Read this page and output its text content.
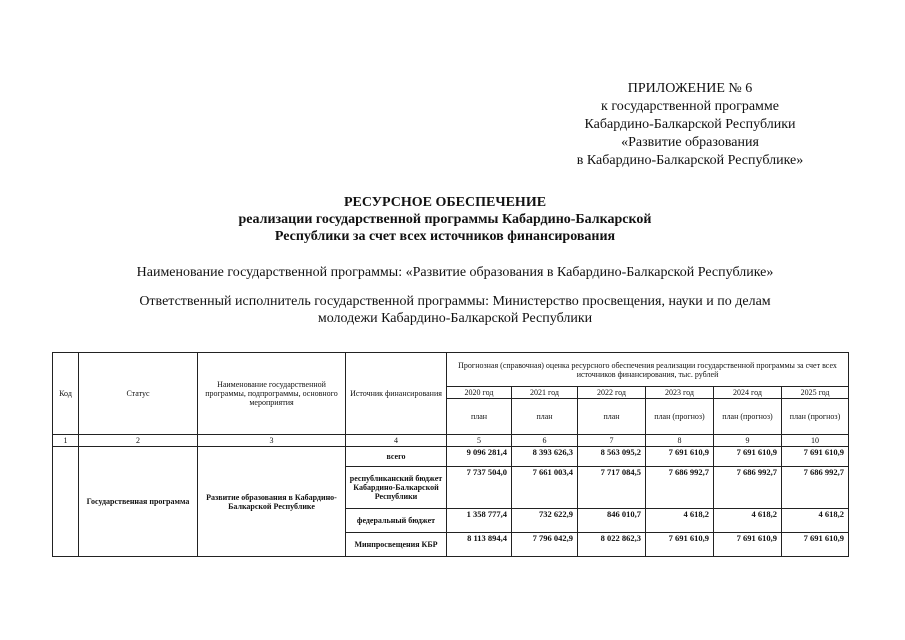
ПРИЛОЖЕНИЕ № 6
к государственной программе
Кабардино-Балкарской Республики
«Развитие образования
в Кабардино-Балкарской Республике»
РЕСУРСНОЕ ОБЕСПЕЧЕНИЕ
реализации государственной программы Кабардино-Балкарской
Республики за счет всех источников финансирования
Наименование государственной программы: «Развитие образования в Кабардино-Балкарской Республике»
Ответственный исполнитель государственной программы: Министерство просвещения, науки и по делам
молодежи Кабардино-Балкарской Республики
Код	Статус	Наименование государственной программы, подпрограммы, основного мероприятия	Источник финансирования	Прогнозная (справочная) оценка ресурсного обеспечения реализации государственной программы за счет всех источников финансирования, тыс. рублей					
				2020 год	2021 год	2022 год	2023 год	2024 год	2025 год
				план	план	план	план (прогноз)	план (прогноз)	план (прогноз)
1	2	3	4	5	6	7	8	9	10
	Государственная программа	Развитие образования в Кабардино-Балкарской Республике	всего	9 096 281,4	8 393 626,3	8 563 095,2	7 691 610,9	7 691 610,9	7 691 610,9
			республиканский бюджет Кабардино-Балкарской Республики	7 737 504,0	7 661 003,4	7 717 084,5	7 686 992,7	7 686 992,7	7 686 992,7
			федеральный бюджет	1 358 777,4	732 622,9	846 010,7	4 618,2	4 618,2	4 618,2
			Минпросвещения КБР	8 113 894,4	7 796 042,9	8 022 862,3	7 691 610,9	7 691 610,9	7 691 610,9
